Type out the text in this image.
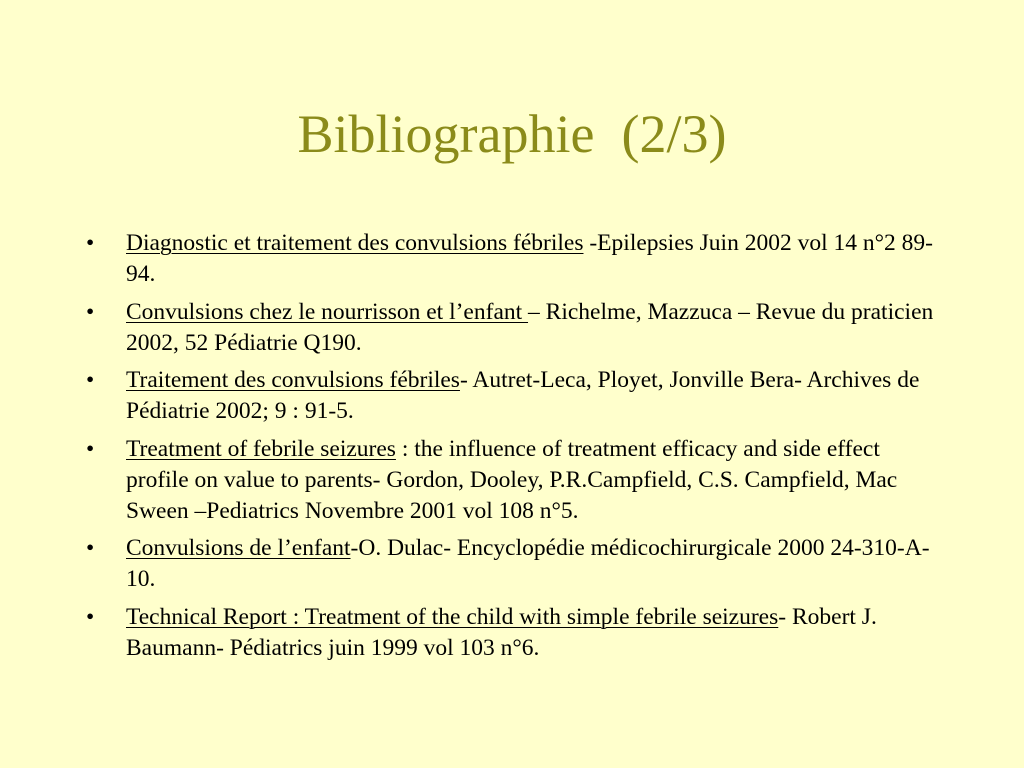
Bibliographie  (2/3)
•	Diagnostic et traitement des convulsions fébriles -Epilepsies Juin 2002 vol 14 n°2 89-94.
•	Convulsions chez le nourrisson et l’enfant – Richelme, Mazzuca – Revue du praticien 2002, 52 Pédiatrie Q190.
•	Traitement des convulsions fébriles- Autret-Leca, Ployet, Jonville Bera- Archives de Pédiatrie 2002; 9 : 91-5.
•	Treatment of febrile seizures : the influence of treatment efficacy and side effect profile on value to parents- Gordon, Dooley, P.R.Campfield, C.S. Campfield, Mac Sween –Pediatrics Novembre 2001 vol 108 n°5.
•	Convulsions de l’enfant-O. Dulac- Encyclopédie médicochirurgicale 2000 24-310-A-10.
•	Technical Report : Treatment of the child with simple febrile seizures- Robert J. Baumann- Pédiatrics juin 1999 vol 103 n°6.
